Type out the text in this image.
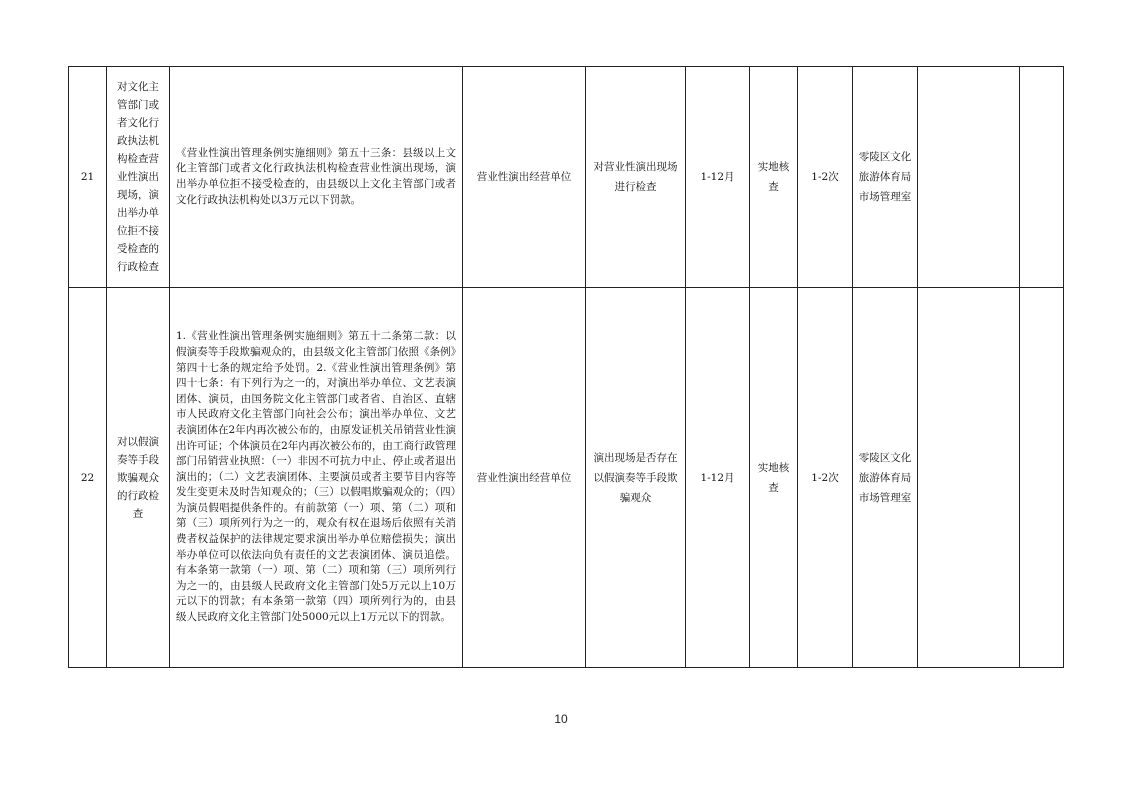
21	对文化主管部门或者文化行政执法机构检查营业性演出现场，演出举办单位拒不接受检查的行政检查	《营业性演出管理条例实施细则》第五十三条：县级以上文化主管部门或者文化行政执法机构检查营业性演出现场，演出举办单位拒不接受检查的，由县级以上文化主管部门或者文化行政执法机构处以3万元以下罚款。	营业性演出经营单位	对营业性演出现场进行检查	1-12月	实地核查	1-2次	零陵区文化旅游体育局市场管理室		
22	对以假演奏等手段欺骗观众的行政检查	1.《营业性演出管理条例实施细则》第五十二条第二款：以假演奏等手段欺骗观众的，由县级文化主管部门依照《条例》第四十七条的规定给予处罚。2.《营业性演出管理条例》第四十七条：有下列行为之一的，对演出举办单位、文艺表演团体、演员，由国务院文化主管部门或者省、自治区、直辖市人民政府文化主管部门向社会公布；演出举办单位、文艺表演团体在2年内再次被公布的，由原发证机关吊销营业性演出许可证；个体演员在2年内再次被公布的，由工商行政管理部门吊销营业执照：（一）非因不可抗力中止、停止或者退出演出的；（二）文艺表演团体、主要演员或者主要节目内容等发生变更未及时告知观众的；（三）以假唱欺骗观众的；（四）为演员假唱提供条件的。有前款第（一）项、第（二）项和第（三）项所列行为之一的，观众有权在退场后依照有关消费者权益保护的法律规定要求演出举办单位赔偿损失；演出举办单位可以依法向负有责任的文艺表演团体、演员追偿。有本条第一款第（一）项、第（二）项和第（三）项所列行为之一的，由县级人民政府文化主管部门处5万元以上10万元以下的罚款；有本条第一款第（四）项所列行为的，由县级人民政府文化主管部门处5000元以上1万元以下的罚款。	营业性演出经营单位	演出现场是否存在以假演奏等手段欺骗观众	1-12月	实地核查	1-2次	零陵区文化旅游体育局市场管理室		
10
